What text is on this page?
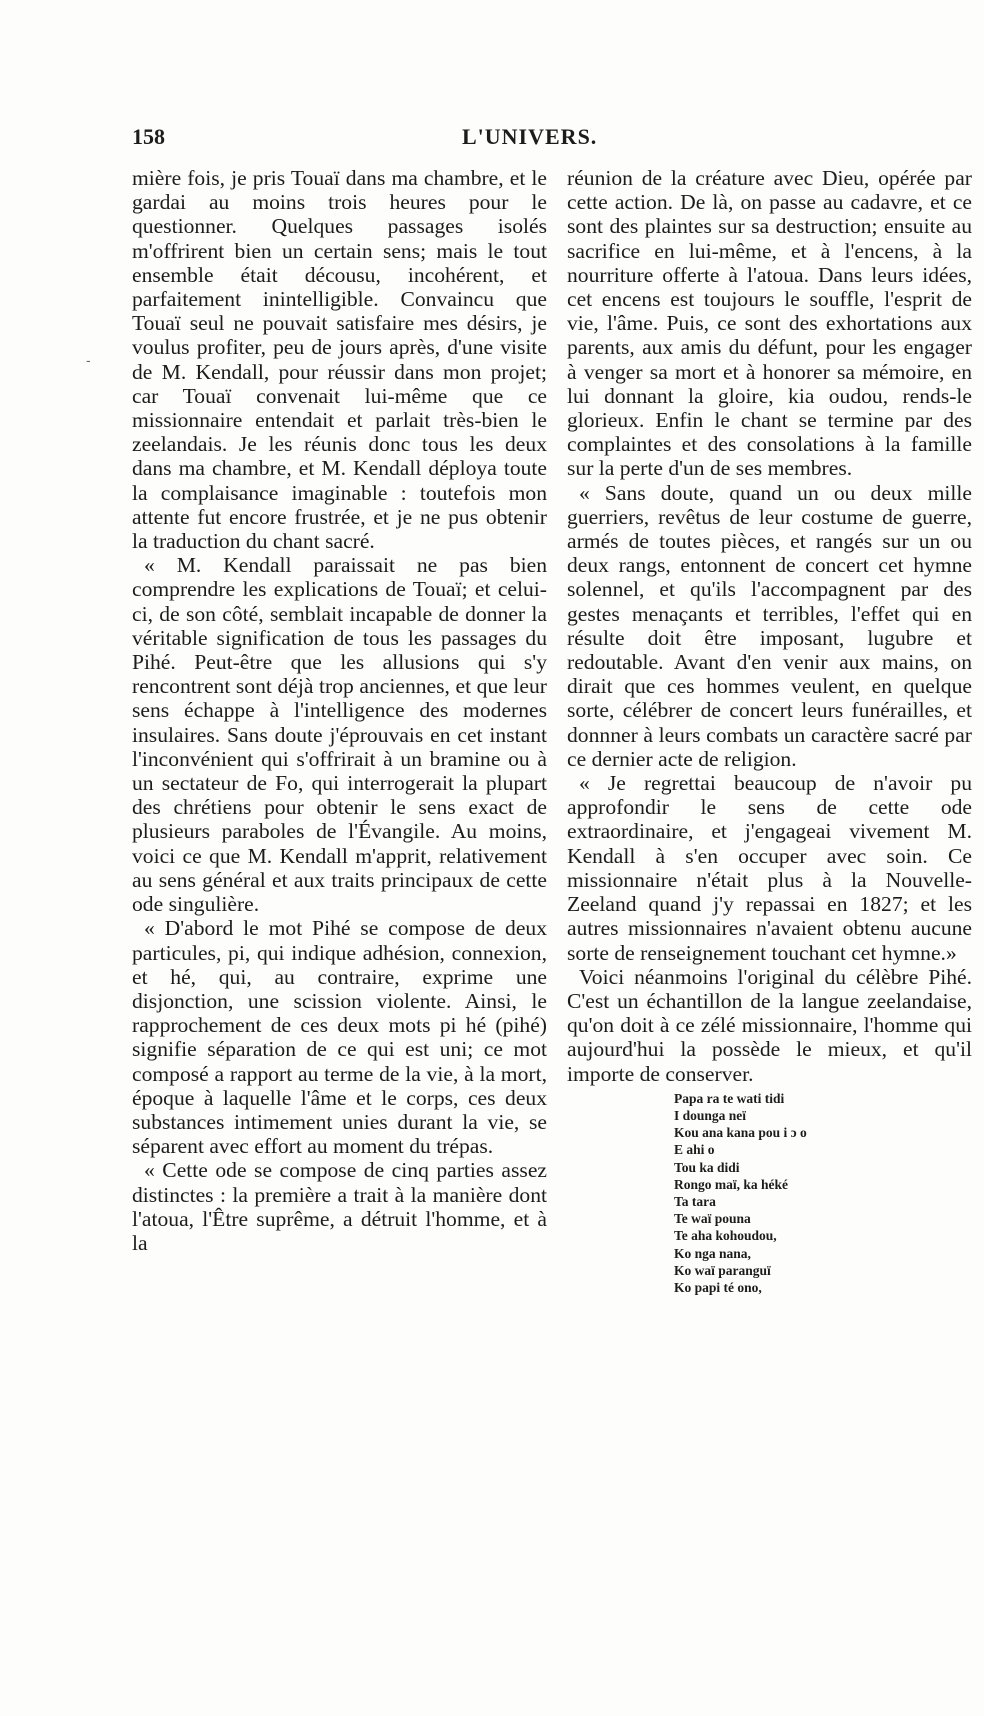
158	L'UNIVERS.

mière fois, je pris Touaï dans ma chambre, et le gardai au moins trois heures pour le questionner. Quelques passages isolés m'offrirent bien un certain sens; mais le tout ensemble était décousu, incohérent, et parfaitement inintelligible. Convaincu que Touaï seul ne pouvait satisfaire mes désirs, je voulus profiter, peu de jours après, d'une visite de M. Kendall, pour réussir dans mon projet; car Touaï convenait lui-même que ce missionnaire entendait et parlait très-bien le zeelandais. Je les réunis donc tous les deux dans ma chambre, et M. Kendall déploya toute la complaisance imaginable : toutefois mon attente fut encore frustrée, et je ne pus obtenir la traduction du chant sacré.

« M. Kendall paraissait ne pas bien comprendre les explications de Touaï; et celui-ci, de son côté, semblait incapable de donner la véritable signification de tous les passages du Pihé. Peut-être que les allusions qui s'y rencontrent sont déjà trop anciennes, et que leur sens échappe à l'intelligence des modernes insulaires. Sans doute j'éprouvais en cet instant l'inconvénient qui s'offrirait à un bramine ou à un sectateur de Fo, qui interrogerait la plupart des chrétiens pour obtenir le sens exact de plusieurs paraboles de l'Évangile. Au moins, voici ce que M. Kendall m'apprit, relativement au sens général et aux traits principaux de cette ode singulière.

« D'abord le mot Pihé se compose de deux particules, pi, qui indique adhésion, connexion, et hé, qui, au contraire, exprime une disjonction, une scission violente. Ainsi, le rapprochement de ces deux mots pi hé (pihé) signifie séparation de ce qui est uni; ce mot composé a rapport au terme de la vie, à la mort, époque à laquelle l'âme et le corps, ces deux substances intimement unies durant la vie, se séparent avec effort au moment du trépas.

« Cette ode se compose de cinq parties assez distinctes : la première a trait à la manière dont l'atoua, l'Être suprême, a détruit l'homme, et à la

réunion de la créature avec Dieu, opérée par cette action. De là, on passe au cadavre, et ce sont des plaintes sur sa destruction; ensuite au sacrifice en lui-même, et à l'encens, à la nourriture offerte à l'atoua. Dans leurs idées, cet encens est toujours le souffle, l'esprit de vie, l'âme. Puis, ce sont des exhortations aux parents, aux amis du défunt, pour les engager à venger sa mort et à honorer sa mémoire, en lui donnant la gloire, kia oudou, rends-le glorieux. Enfin le chant se termine par des complaintes et des consolations à la famille sur la perte d'un de ses membres.

« Sans doute, quand un ou deux mille guerriers, revêtus de leur costume de guerre, armés de toutes pièces, et rangés sur un ou deux rangs, entonnent de concert cet hymne solennel, et qu'ils l'accompagnent par des gestes menaçants et terribles, l'effet qui en résulte doit être imposant, lugubre et redoutable. Avant d'en venir aux mains, on dirait que ces hommes veulent, en quelque sorte, célébrer de concert leurs funérailles, et donnner à leurs combats un caractère sacré par ce dernier acte de religion.

« Je regrettai beaucoup de n'avoir pu approfondir le sens de cette ode extraordinaire, et j'engageai vivement M. Kendall à s'en occuper avec soin. Ce missionnaire n'était plus à la Nouvelle-Zeeland quand j'y repassai en 1827; et les autres missionnaires n'avaient obtenu aucune sorte de renseignement touchant cet hymne.»

Voici néanmoins l'original du célèbre Pihé. C'est un échantillon de la langue zeelandaise, qu'on doit à ce zélé missionnaire, l'homme qui aujourd'hui la possède le mieux, et qu'il importe de conserver.

Papa ra te wati tidi
I dounga neï
Kou ana kana pou i ɔ o
E ahi o
Tou ka didi
Rongo maï, ka héké
Ta tara
Te waï pouna
Te aha kohoudou,
Ko nga nana,
Ko waï paranguï
Ko papi té ono,
-
